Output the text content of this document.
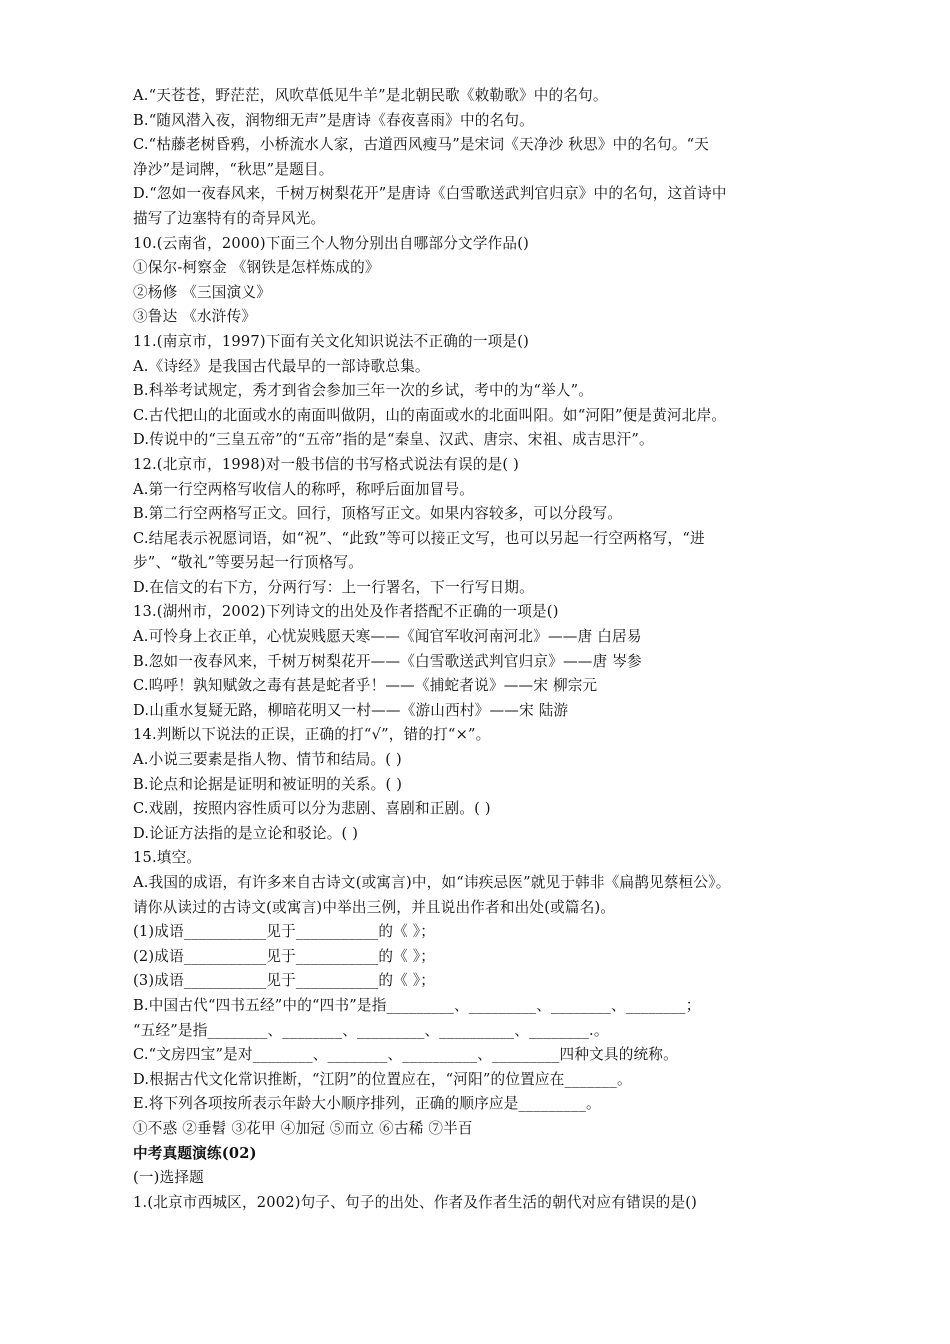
A.“天苍苍，野茫茫，风吹草低见牛羊”是北朝民歌《敕勒歌》中的名句。
B.“随风潜入夜，润物细无声”是唐诗《春夜喜雨》中的名句。
C.“枯藤老树昏鸦，小桥流水人家，古道西风瘦马”是宋词《天净沙 秋思》中的名句。“天
净沙”是词牌，“秋思”是题目。
D.“忽如一夜春风来，千树万树梨花开”是唐诗《白雪歌送武判官归京》中的名句，这首诗中
描写了边塞特有的奇异风光。
10.(云南省，2000)下面三个人物分别出自哪部分文学作品()
①保尔-柯察金 《钢铁是怎样炼成的》
②杨修 《三国演义》
③鲁达 《水浒传》
11.(南京市，1997)下面有关文化知识说法不正确的一项是()
A.《诗经》是我国古代最早的一部诗歌总集。
B.科举考试规定，秀才到省会参加三年一次的乡试，考中的为“举人”。
C.古代把山的北面或水的南面叫做阴，山的南面或水的北面叫阳。如“河阳”便是黄河北岸。
D.传说中的“三皇五帝”的“五帝”指的是“秦皇、汉武、唐宗、宋祖、成吉思汗”。
12.(北京市，1998)对一般书信的书写格式说法有误的是( )
A.第一行空两格写收信人的称呼，称呼后面加冒号。
B.第二行空两格写正文。回行，顶格写正文。如果内容较多，可以分段写。
C.结尾表示祝愿词语，如“祝”、“此致”等可以接正文写，也可以另起一行空两格写，“进
步”、“敬礼”等要另起一行顶格写。
D.在信文的右下方，分两行写：上一行署名，下一行写日期。
13.(湖州市，2002)下列诗文的出处及作者搭配不正确的一项是()
A.可怜身上衣正单，心忧炭贱愿天寒——《闻官军收河南河北》——唐 白居易
B.忽如一夜春风来，千树万树梨花开——《白雪歌送武判官归京》——唐 岑参
C.呜呼！孰知赋敛之毒有甚是蛇者乎！——《捕蛇者说》——宋 柳宗元
D.山重水复疑无路，柳暗花明又一村——《游山西村》——宋 陆游
14.判断以下说法的正误，正确的打“√”，错的打“×”。
A.小说三要素是指人物、情节和结局。( )
B.论点和论据是证明和被证明的关系。( )
C.戏剧，按照内容性质可以分为悲剧、喜剧和正剧。( )
D.论证方法指的是立论和驳论。( )
15.填空。
A.我国的成语，有许多来自古诗文(或寓言)中，如“讳疾忌医”就见于韩非《扁鹊见蔡桓公》。
请你从读过的古诗文(或寓言)中举出三例，并且说出作者和出处(或篇名)。
(1)成语___________见于___________的《 》；
(2)成语___________见于___________的《 》；
(3)成语___________见于___________的《 》；
B.中国古代“四书五经”中的“四书”是指_________、_________、________、________；
“五经”是指________、________、_________、__________、________.。
C.“文房四宝”是对________、________、__________、_________四种文具的统称。
D.根据古代文化常识推断，“江阴”的位置应在，“河阳”的位置应在_______。
E.将下列各项按所表示年龄大小顺序排列，正确的顺序应是_________。
①不惑 ②垂髫 ③花甲 ④加冠 ⑤而立 ⑥古稀 ⑦半百
中考真题演练(02)
(一)选择题
1.(北京市西城区，2002)句子、句子的出处、作者及作者生活的朝代对应有错误的是()
